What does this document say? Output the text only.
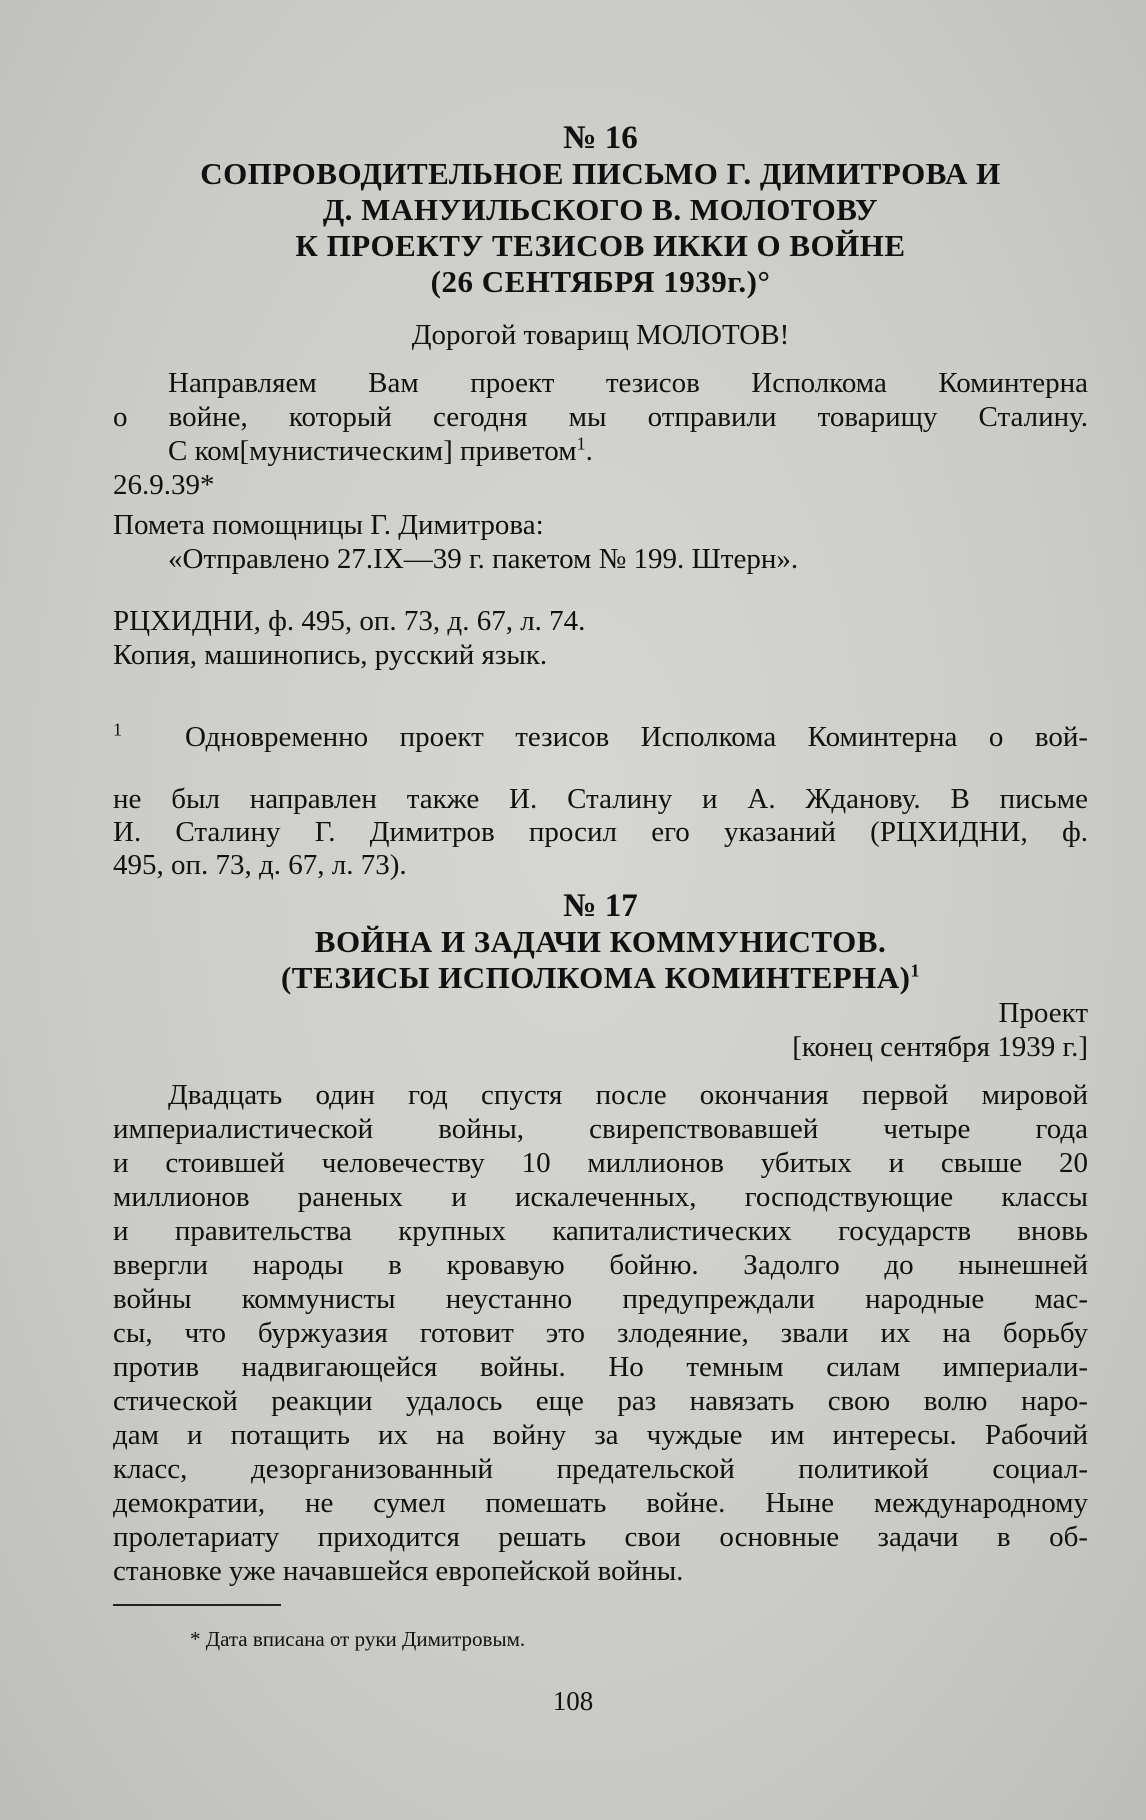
№ 16
СОПРОВОДИТЕЛЬНОЕ ПИСЬМО Г. ДИМИТРОВА И
Д. МАНУИЛЬСКОГО В. МОЛОТОВУ
К ПРОЕКТУ ТЕЗИСОВ ИККИ О ВОЙНЕ
(26 СЕНТЯБРЯ 1939г.)°

Дорогой товарищ МОЛОТОВ!

Направляем Вам проект тезисов Исполкома Коминтерна

о войне, который сегодня мы отправили товарищу Сталину.

С ком[мунистическим] приветом$^1$.

26.9.39*

Помета помощницы Г. Димитрова:

«Отправлено 27.IX—39 г. пакетом № 199. Штерн».

РЦХИДНИ, ф. 495, оп. 73, д. 67, л. 74.

Копия, машинопись, русский язык.

$^1$ Одновременно проект тезисов Исполкома Коминтерна о вой-

не был направлен также И. Сталину и А. Жданову. В письме

И. Сталину Г. Димитров просил его указаний (РЦХИДНИ, ф.

495, оп. 73, д. 67, л. 73).

№ 17
ВОЙНА И ЗАДАЧИ КОММУНИСТОВ.
(ТЕЗИСЫ ИСПОЛКОМА КОМИНТЕРНА)$^1$

Проект

[конец сентября 1939 г.]

Двадцать один год спустя после окончания первой мировой

империалистической войны, свирепствовавшей четыре года

и стоившей человечеству 10 миллионов убитых и свыше 20

миллионов раненых и искалеченных, господствующие классы

и правительства крупных капиталистических государств вновь

ввергли народы в кровавую бойню. Задолго до нынешней

войны коммунисты неустанно предупреждали народные мас-

сы, что буржуазия готовит это злодеяние, звали их на борьбу

против надвигающейся войны. Но темным силам империали-

стической реакции удалось еще раз навязать свою волю наро-

дам и потащить их на войну за чуждые им интересы. Рабочий

класс, дезорганизованный предательской политикой социал-

демократии, не сумел помешать войне. Ныне международному

пролетариату приходится решать свои основные задачи в об-

становке уже начавшейся европейской войны.

* Дата вписана от руки Димитровым.
108
